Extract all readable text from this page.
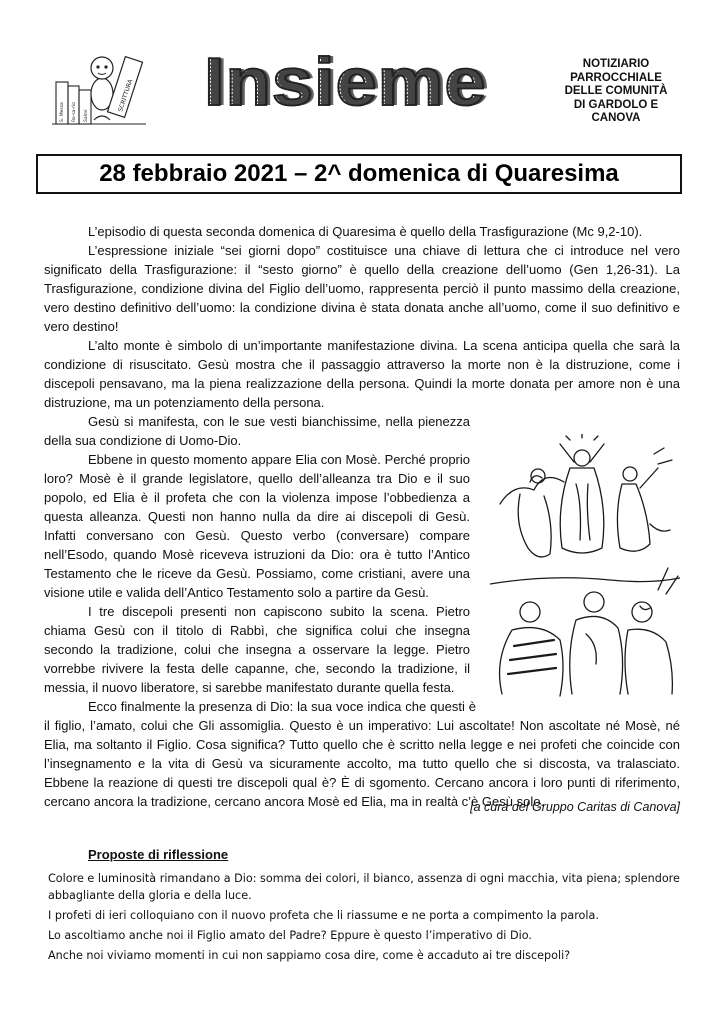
S. Messa Ro-sa-rio Salmi
SCRITTURA Insieme	NOTIZIARIO
PARROCCHIALE
DELLE COMUNITÀ
DI GARDOLO E
CANOVA
28 febbraio 2021 – 2^ domenica di Quaresima

L’episodio di questa seconda domenica di Quaresima è quello della Trasfigurazione (Mc 9,2-10).

L’espressione iniziale “sei giorni dopo” costituisce una chiave di lettura che ci introduce nel vero significato della Trasfigurazione: il “sesto giorno” è quello della creazione dell’uomo (Gen 1,26-31). La Trasfigurazione, condizione divina del Figlio dell’uomo, rappresenta perciò il punto massimo della creazione, vero destino definitivo dell’uomo: la condizione divina è stata donata anche all’uomo, come il suo definitivo e vero destino!

L’alto monte è simbolo di un’importante manifestazione divina. La scena anticipa quella che sarà la condizione di risuscitato. Gesù mostra che il passaggio attraverso la morte non è la distruzione, come i discepoli pensavano, ma la piena realizzazione della persona. Quindi la morte donata per amore non è una distruzione, ma un potenziamento della persona.

Gesù si manifesta, con le sue vesti bianchissime, nella pienezza della sua condizione di Uomo-Dio.

Ebbene in questo momento appare Elia con Mosè. Perché proprio loro? Mosè è il grande legislatore, quello dell’alleanza tra Dio e il suo popolo, ed Elia è il profeta che con la violenza impose l’obbedienza a questa alleanza. Questi non hanno nulla da dire ai discepoli di Gesù. Infatti conversano con Gesù. Questo verbo (conversare) compare nell’Esodo, quando Mosè riceveva istruzioni da Dio: ora è tutto l’Antico Testamento che le riceve da Gesù. Possiamo, come cristiani, avere una visione utile e valida dell’Antico Testamento solo a partire da Gesù.

I tre discepoli presenti non capiscono subito la scena. Pietro chiama Gesù con il titolo di Rabbì, che significa colui che insegna secondo la tradizione, colui che insegna a osservare la legge. Pietro vorrebbe rivivere la festa delle capanne, che, secondo la tradizione, il messia, il nuovo liberatore, si sarebbe manifestato durante quella festa.

Ecco finalmente la presenza di Dio: la sua voce indica che questi è il figlio, l’amato, colui che Gli assomiglia. Questo è un imperativo: Lui ascoltate! Non ascoltate né Mosè, né Elia, ma soltanto il Figlio. Cosa significa? Tutto quello che è scritto nella legge e nei profeti che coincide con l’insegnamento e la vita di Gesù va sicuramente accolto, ma tutto quello che si discosta, va tralasciato. Ebbene la reazione di questi tre discepoli qual è? È di sgomento. Cercano ancora i loro punti di riferimento, cercano ancora la tradizione, cercano ancora Mosè ed Elia, ma in realtà c’è Gesù solo.

[a cura del Gruppo Caritas di Canova]
Proposte di riflessione

Colore e luminosità rimandano a Dio: somma dei colori, il bianco, assenza di ogni macchia, vita piena; splendore abbagliante della gloria e della luce.

I profeti di ieri colloquiano con il nuovo profeta che li riassume e ne porta a compimento la parola.

Lo ascoltiamo anche noi il Figlio amato del Padre? Eppure è questo l’imperativo di Dio.

Anche noi viviamo momenti in cui non sappiamo cosa dire, come è accaduto ai tre discepoli?
